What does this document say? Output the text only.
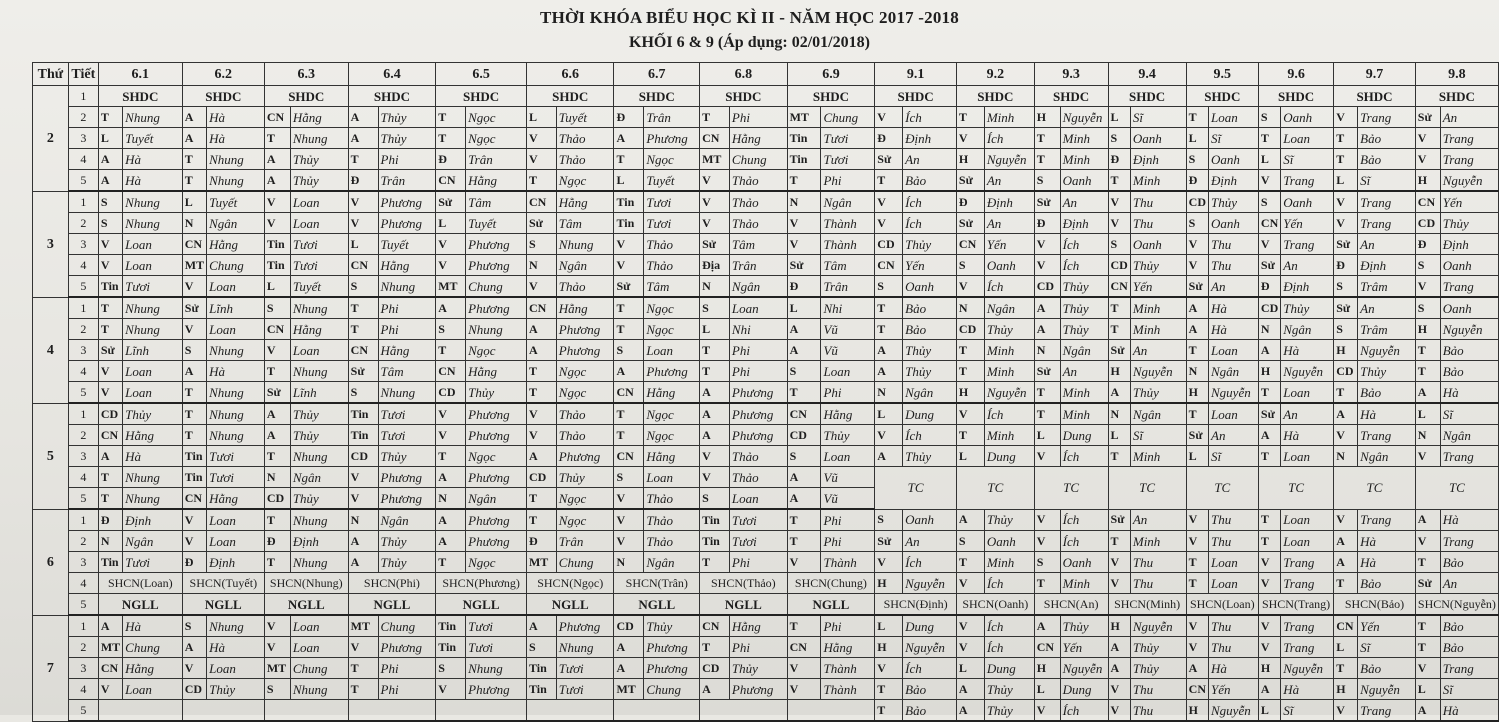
THỜI KHÓA BIỂU HỌC KÌ II - NĂM HỌC 2017 -2018
KHỐI 6 & 9 (Áp dụng: 02/01/2018)
Thứ	Tiết	6.1		6.2		6.3		6.4		6.5		6.6		6.7		6.8		6.9		9.1		9.2		9.3		9.4		9.5		9.6		9.7		9.8	
2	1	SHDC		SHDC		SHDC		SHDC		SHDC		SHDC		SHDC		SHDC		SHDC		SHDC		SHDC		SHDC		SHDC		SHDC		SHDC		SHDC		SHDC	
	2	T	Nhung	A	Hà	CN	Hằng	A	Thủy	T	Ngọc	L	Tuyết	Đ	Trân	T	Phi	MT	Chung	V	Ích	T	Minh	H	Nguyễn	L	Sĩ	T	Loan	S	Oanh	V	Trang	Sử	An
	3	L	Tuyết	A	Hà	T	Nhung	A	Thủy	T	Ngọc	V	Thảo	A	Phương	CN	Hằng	Tin	Tươi	Đ	Định	V	Ích	T	Minh	S	Oanh	L	Sĩ	T	Loan	T	Bảo	V	Trang
	4	A	Hà	T	Nhung	A	Thủy	T	Phi	Đ	Trân	V	Thảo	T	Ngọc	MT	Chung	Tin	Tươi	Sử	An	H	Nguyễn	T	Minh	Đ	Định	S	Oanh	L	Sĩ	T	Bảo	V	Trang
	5	A	Hà	T	Nhung	A	Thủy	Đ	Trân	CN	Hằng	T	Ngọc	L	Tuyết	V	Thảo	T	Phi	T	Bảo	Sử	An	S	Oanh	T	Minh	Đ	Định	V	Trang	L	Sĩ	H	Nguyễn
3	1	S	Nhung	L	Tuyết	V	Loan	V	Phương	Sử	Tâm	CN	Hằng	Tin	Tươi	V	Thảo	N	Ngân	V	Ích	Đ	Định	Sử	An	V	Thu	CD	Thủy	S	Oanh	V	Trang	CN	Yến
	2	S	Nhung	N	Ngân	V	Loan	V	Phương	L	Tuyết	Sử	Tâm	Tin	Tươi	V	Thảo	V	Thành	V	Ích	Sử	An	Đ	Định	V	Thu	S	Oanh	CN	Yến	V	Trang	CD	Thủy
	3	V	Loan	CN	Hằng	Tin	Tươi	L	Tuyết	V	Phương	S	Nhung	V	Thảo	Sử	Tâm	V	Thành	CD	Thủy	CN	Yến	V	Ích	S	Oanh	V	Thu	V	Trang	Sử	An	Đ	Định
	4	V	Loan	MT	Chung	Tin	Tươi	CN	Hằng	V	Phương	N	Ngân	V	Thảo	Địa	Trân	Sử	Tâm	CN	Yến	S	Oanh	V	Ích	CD	Thủy	V	Thu	Sử	An	Đ	Định	S	Oanh
	5	Tin	Tươi	V	Loan	L	Tuyết	S	Nhung	MT	Chung	V	Thảo	Sử	Tâm	N	Ngân	Đ	Trân	S	Oanh	V	Ích	CD	Thủy	CN	Yến	Sử	An	Đ	Định	S	Trâm	V	Trang
4	1	T	Nhung	Sử	Lĩnh	S	Nhung	T	Phi	A	Phương	CN	Hằng	T	Ngọc	S	Loan	L	Nhi	T	Bảo	N	Ngân	A	Thủy	T	Minh	A	Hà	CD	Thủy	Sử	An	S	Oanh
	2	T	Nhung	V	Loan	CN	Hằng	T	Phi	S	Nhung	A	Phương	T	Ngọc	L	Nhi	A	Vũ	T	Bảo	CD	Thủy	A	Thủy	T	Minh	A	Hà	N	Ngân	S	Trâm	H	Nguyễn
	3	Sử	Lĩnh	S	Nhung	V	Loan	CN	Hằng	T	Ngọc	A	Phương	S	Loan	T	Phi	A	Vũ	A	Thủy	T	Minh	N	Ngân	Sử	An	T	Loan	A	Hà	H	Nguyễn	T	Bảo
	4	V	Loan	A	Hà	T	Nhung	Sử	Tâm	CN	Hằng	T	Ngọc	A	Phương	T	Phi	S	Loan	A	Thủy	T	Minh	Sử	An	H	Nguyễn	N	Ngân	H	Nguyễn	CD	Thủy	T	Bảo
	5	V	Loan	T	Nhung	Sử	Lĩnh	S	Nhung	CD	Thủy	T	Ngọc	CN	Hằng	A	Phương	T	Phi	N	Ngân	H	Nguyễn	T	Minh	A	Thủy	H	Nguyễn	T	Loan	T	Bảo	A	Hà
5	1	CD	Thủy	T	Nhung	A	Thủy	Tin	Tươi	V	Phương	V	Thảo	T	Ngọc	A	Phương	CN	Hằng	L	Dung	V	Ích	T	Minh	N	Ngân	T	Loan	Sử	An	A	Hà	L	Sĩ
	2	CN	Hằng	T	Nhung	A	Thủy	Tin	Tươi	V	Phương	V	Thảo	T	Ngọc	A	Phương	CD	Thủy	V	Ích	T	Minh	L	Dung	L	Sĩ	Sử	An	A	Hà	V	Trang	N	Ngân
	3	A	Hà	Tin	Tươi	T	Nhung	CD	Thủy	T	Ngọc	A	Phương	CN	Hằng	V	Thảo	S	Loan	A	Thủy	L	Dung	V	Ích	T	Minh	L	Sĩ	T	Loan	N	Ngân	V	Trang
	4	T	Nhung	Tin	Tươi	N	Ngân	V	Phương	A	Phương	CD	Thủy	S	Loan	V	Thảo	A	Vũ	TC		TC		TC		TC		TC		TC		TC		TC	
	5	T	Nhung	CN	Hằng	CD	Thủy	V	Phương	N	Ngân	T	Ngọc	V	Thảo	S	Loan	A	Vũ																
6	1	Đ	Định	V	Loan	T	Nhung	N	Ngân	A	Phương	T	Ngọc	V	Thảo	Tin	Tươi	T	Phi	S	Oanh	A	Thủy	V	Ích	Sử	An	V	Thu	T	Loan	V	Trang	A	Hà
	2	N	Ngân	V	Loan	Đ	Định	A	Thủy	A	Phương	Đ	Trân	V	Thảo	Tin	Tươi	T	Phi	Sử	An	S	Oanh	V	Ích	T	Minh	V	Thu	T	Loan	A	Hà	V	Trang
	3	Tin	Tươi	Đ	Định	T	Nhung	A	Thủy	T	Ngọc	MT	Chung	N	Ngân	T	Phi	V	Thành	V	Ích	T	Minh	S	Oanh	V	Thu	T	Loan	V	Trang	A	Hà	T	Bảo
	4	SHCN(Loan)		SHCN(Tuyết)		SHCN(Nhung)		SHCN(Phi)		SHCN(Phương)		SHCN(Ngọc)		SHCN(Trân)		SHCN(Thảo)		SHCN(Chung)		H	Nguyễn	V	Ích	T	Minh	V	Thu	T	Loan	V	Trang	T	Bảo	Sử	An
	5	NGLL		NGLL		NGLL		NGLL		NGLL		NGLL		NGLL		NGLL		NGLL		SHCN(Định)		SHCN(Oanh)		SHCN(An)		SHCN(Minh)		SHCN(Loan)		SHCN(Trang)		SHCN(Bảo)		SHCN(Nguyễn)	
7	1	A	Hà	S	Nhung	V	Loan	MT	Chung	Tin	Tươi	A	Phương	CD	Thủy	CN	Hằng	T	Phi	L	Dung	V	Ích	A	Thủy	H	Nguyễn	V	Thu	V	Trang	CN	Yến	T	Bảo
	2	MT	Chung	A	Hà	V	Loan	V	Phương	Tin	Tươi	S	Nhung	A	Phương	T	Phi	CN	Hằng	H	Nguyễn	V	Ích	CN	Yến	A	Thủy	V	Thu	V	Trang	L	Sĩ	T	Bảo
	3	CN	Hằng	V	Loan	MT	Chung	T	Phi	S	Nhung	Tin	Tươi	A	Phương	CD	Thủy	V	Thành	V	Ích	L	Dung	H	Nguyễn	A	Thủy	A	Hà	H	Nguyễn	T	Bảo	V	Trang
	4	V	Loan	CD	Thủy	S	Nhung	T	Phi	V	Phương	Tin	Tươi	MT	Chung	A	Phương	V	Thành	T	Bảo	A	Thủy	L	Dung	V	Thu	CN	Yến	A	Hà	H	Nguyễn	L	Sĩ
	5																			T	Bảo	A	Thủy	V	Ích	V	Thu	H	Nguyễn	L	Sĩ	V	Trang	A	Hà
